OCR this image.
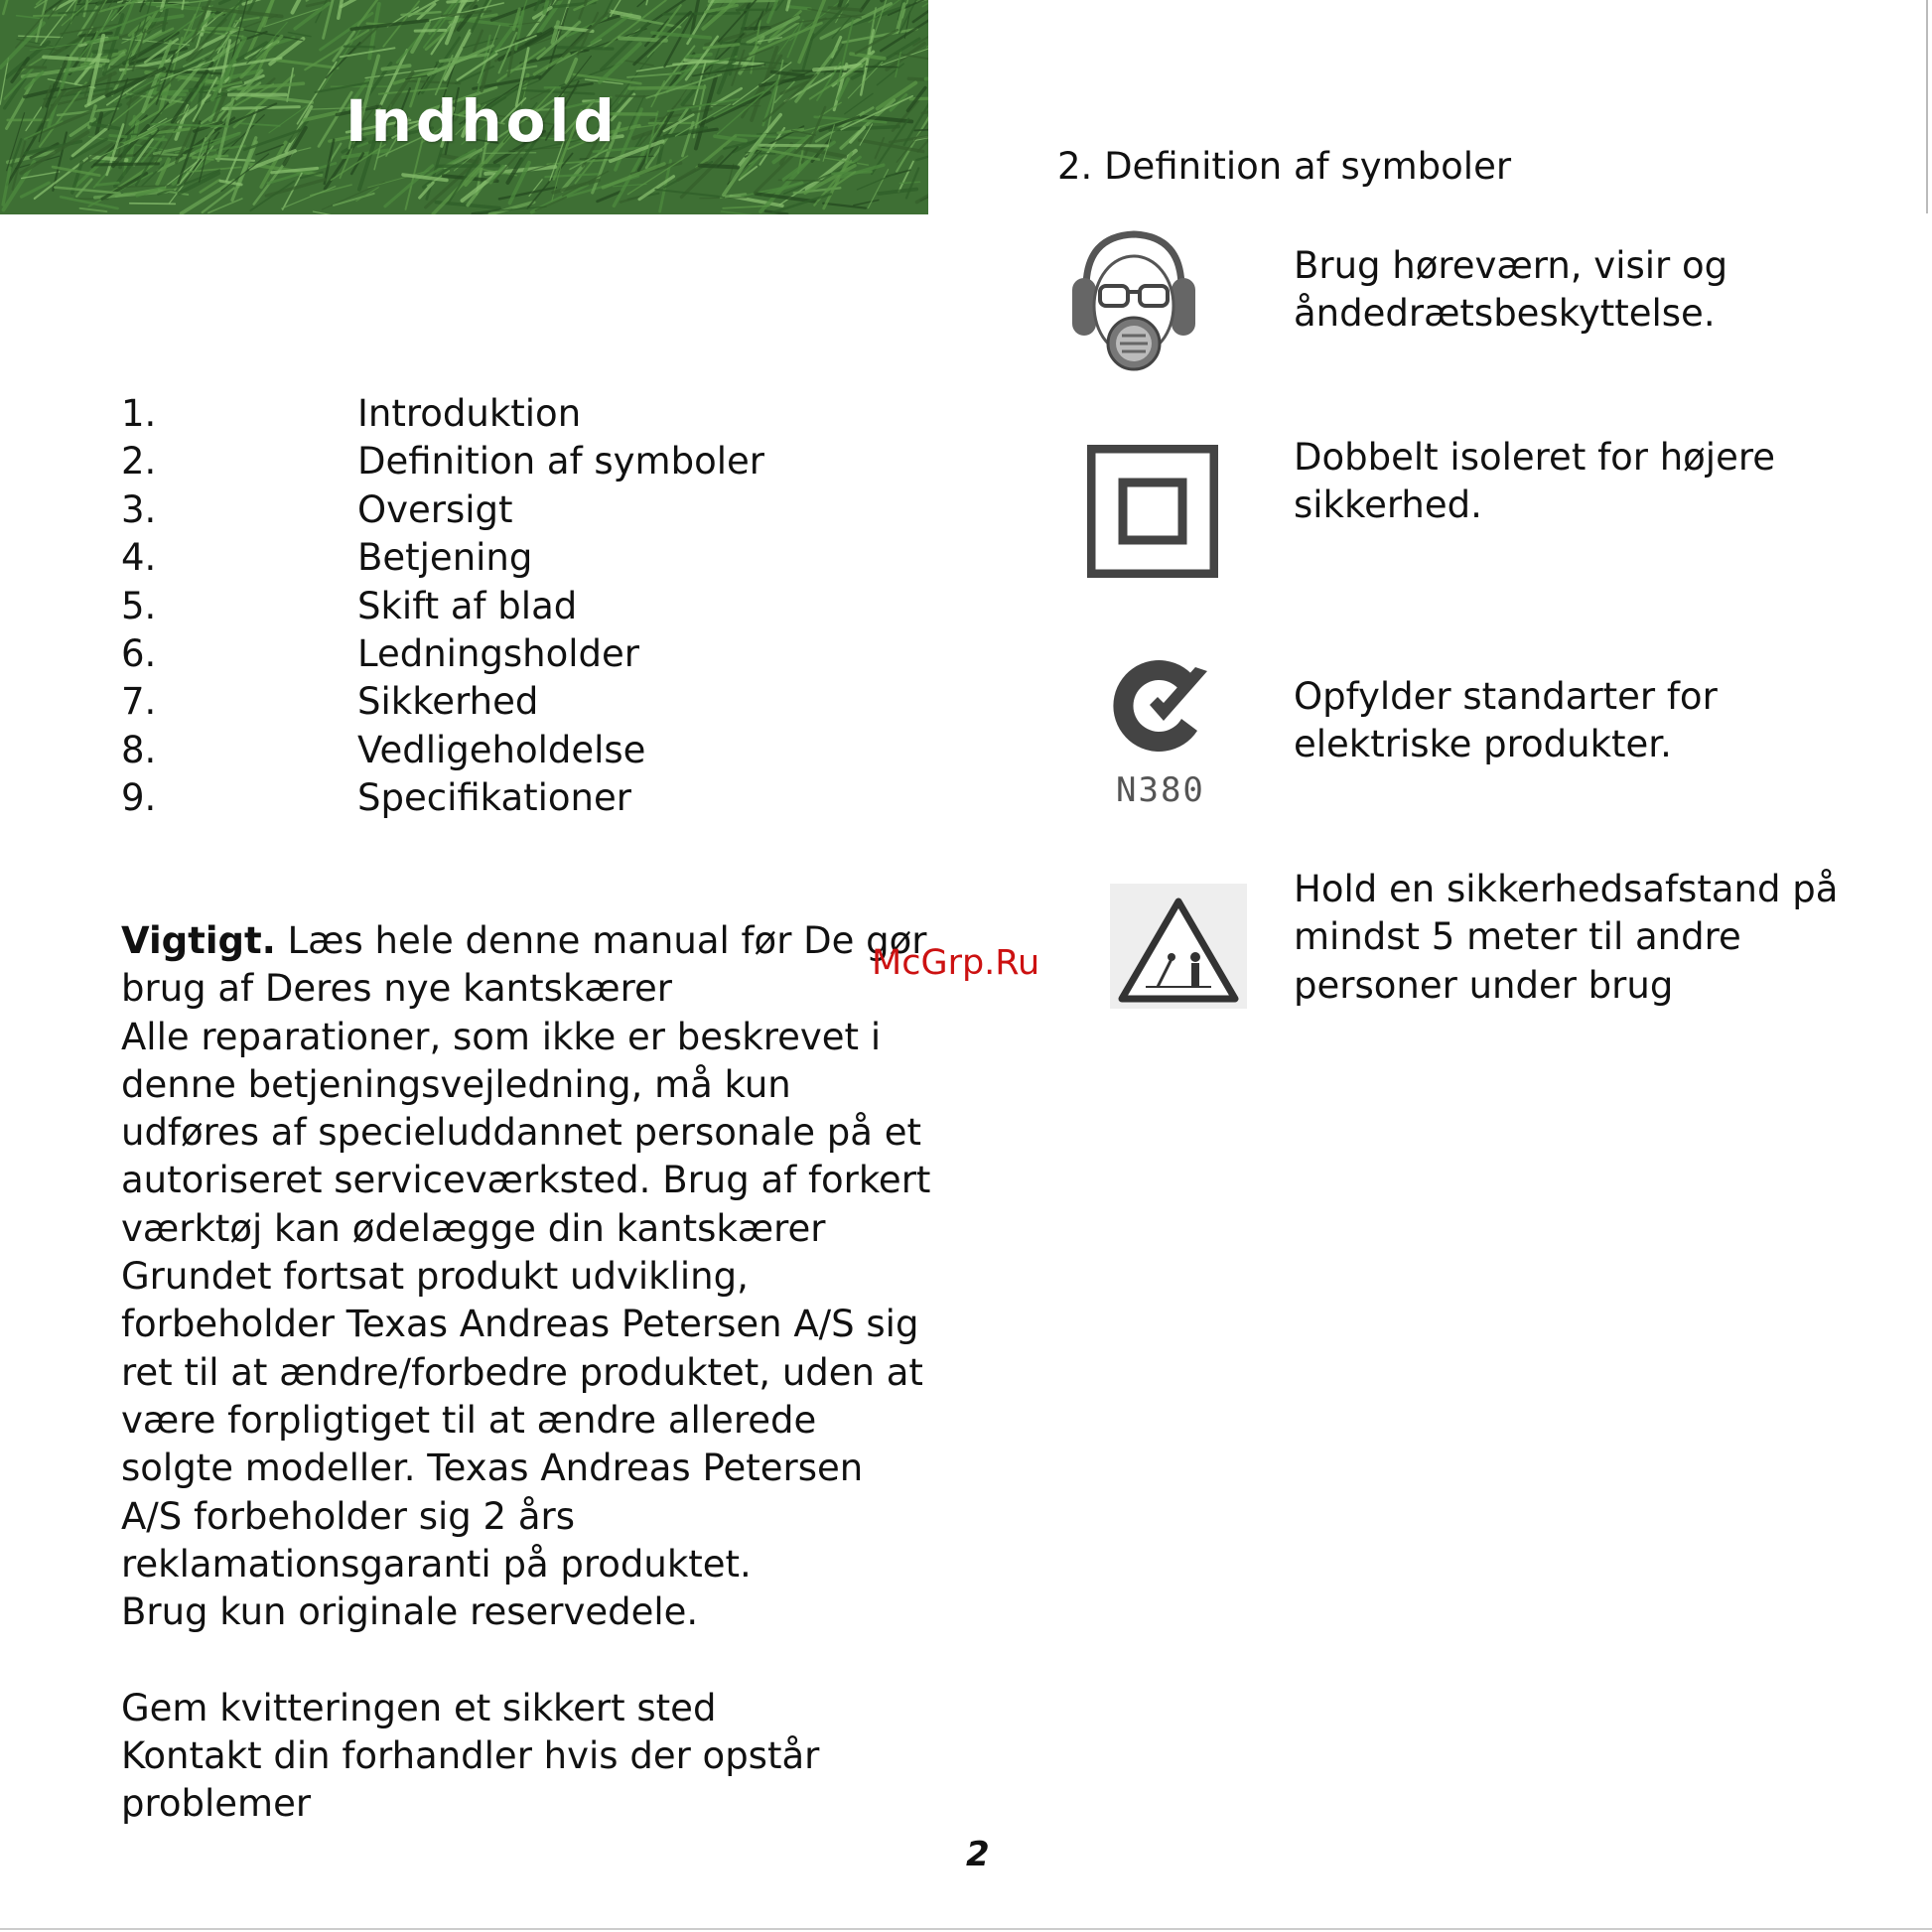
Indhold
1.	Introduktion
2.	Definition af symboler
3.	Oversigt
4.	Betjening
5.	Skift af blad
6.	Ledningsholder
7.	Sikkerhed
8.	Vedligeholdelse
9.	Specifikationer

Vigtigt. Læs hele denne manual før De gør

brug af Deres nye kantskærer

Alle reparationer, som ikke er beskrevet i

denne betjeningsvejledning, må kun

udføres af specieluddannet personale på et

autoriseret serviceværksted. Brug af forkert

værktøj kan ødelægge din kantskærer

Grundet fortsat produkt udvikling,

forbeholder Texas Andreas Petersen A/S sig

ret til at ændre/forbedre produktet, uden at

være forpligtiget til at ændre allerede

solgte modeller. Texas Andreas Petersen

A/S forbeholder sig 2 års

reklamationsgaranti på produktet.

Brug kun originale reservedele.

Gem kvitteringen et sikkert sted

Kontakt din forhandler hvis der opstår

problemer

McGrp.Ru
2
2. Definition af symboler

Brug høreværn, visir og

åndedrætsbeskyttelse.

Dobbelt isoleret for højere

sikkerhed.

N380

Opfylder standarter for

elektriske produkter.

Hold en sikkerhedsafstand på

mindst 5 meter til andre

personer under brug
